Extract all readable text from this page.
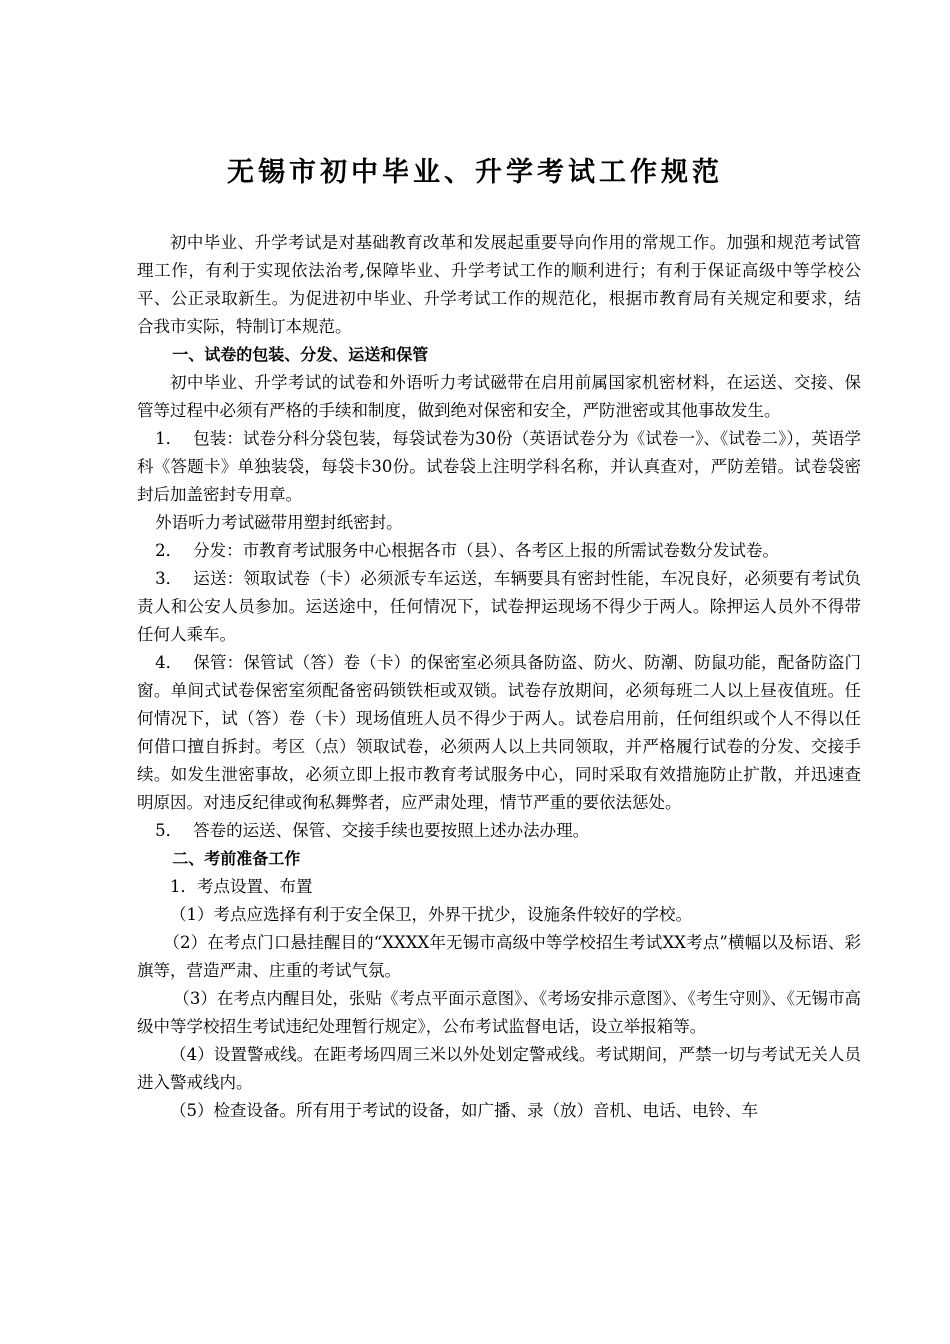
无锡市初中毕业、升学考试工作规范

初中毕业、升学考试是对基础教育改革和发展起重要导向作用的常规工作。加强和规范考试管理工作，有利于实现依法治考,保障毕业、升学考试工作的顺利进行；有利于保证高级中等学校公平、公正录取新生。为促进初中毕业、升学考试工作的规范化，根据市教育局有关规定和要求，结合我市实际，特制订本规范。

一、试卷的包装、分发、运送和保管

初中毕业、升学考试的试卷和外语听力考试磁带在启用前属国家机密材料，在运送、交接、保管等过程中必须有严格的手续和制度，做到绝对保密和安全，严防泄密或其他事故发生。

1． 包装：试卷分科分袋包装，每袋试卷为30份（英语试卷分为《试卷一》、《试卷二》），英语学科《答题卡》单独装袋，每袋卡30份。试卷袋上注明学科名称，并认真查对，严防差错。试卷袋密封后加盖密封专用章。

外语听力考试磁带用塑封纸密封。

2． 分发：市教育考试服务中心根据各市（县）、各考区上报的所需试卷数分发试卷。

3． 运送：领取试卷（卡）必须派专车运送，车辆要具有密封性能，车况良好，必须要有考试负责人和公安人员参加。运送途中，任何情况下，试卷押运现场不得少于两人。除押运人员外不得带任何人乘车。

4． 保管：保管试（答）卷（卡）的保密室必须具备防盗、防火、防潮、防鼠功能，配备防盗门窗。单间式试卷保密室须配备密码锁铁柜或双锁。试卷存放期间，必须每班二人以上昼夜值班。任何情况下，试（答）卷（卡）现场值班人员不得少于两人。试卷启用前，任何组织或个人不得以任何借口擅自拆封。考区（点）领取试卷，必须两人以上共同领取，并严格履行试卷的分发、交接手续。如发生泄密事故，必须立即上报市教育考试服务中心，同时采取有效措施防止扩散，并迅速查明原因。对违反纪律或徇私舞弊者，应严肃处理，情节严重的要依法惩处。

5． 答卷的运送、保管、交接手续也要按照上述办法办理。

二、考前准备工作

1．考点设置、布置

（1）考点应选择有利于安全保卫，外界干扰少，设施条件较好的学校。

（2）在考点门口悬挂醒目的“XXXX年无锡市高级中等学校招生考试XX考点”横幅以及标语、彩旗等，营造严肃、庄重的考试气氛。

（3）在考点内醒目处，张贴《考点平面示意图》、《考场安排示意图》、《考生守则》、《无锡市高级中等学校招生考试违纪处理暂行规定》，公布考试监督电话，设立举报箱等。

（4）设置警戒线。在距考场四周三米以外处划定警戒线。考试期间，严禁一切与考试无关人员进入警戒线内。

（5）检查设备。所有用于考试的设备，如广播、录（放）音机、电话、电铃、车
